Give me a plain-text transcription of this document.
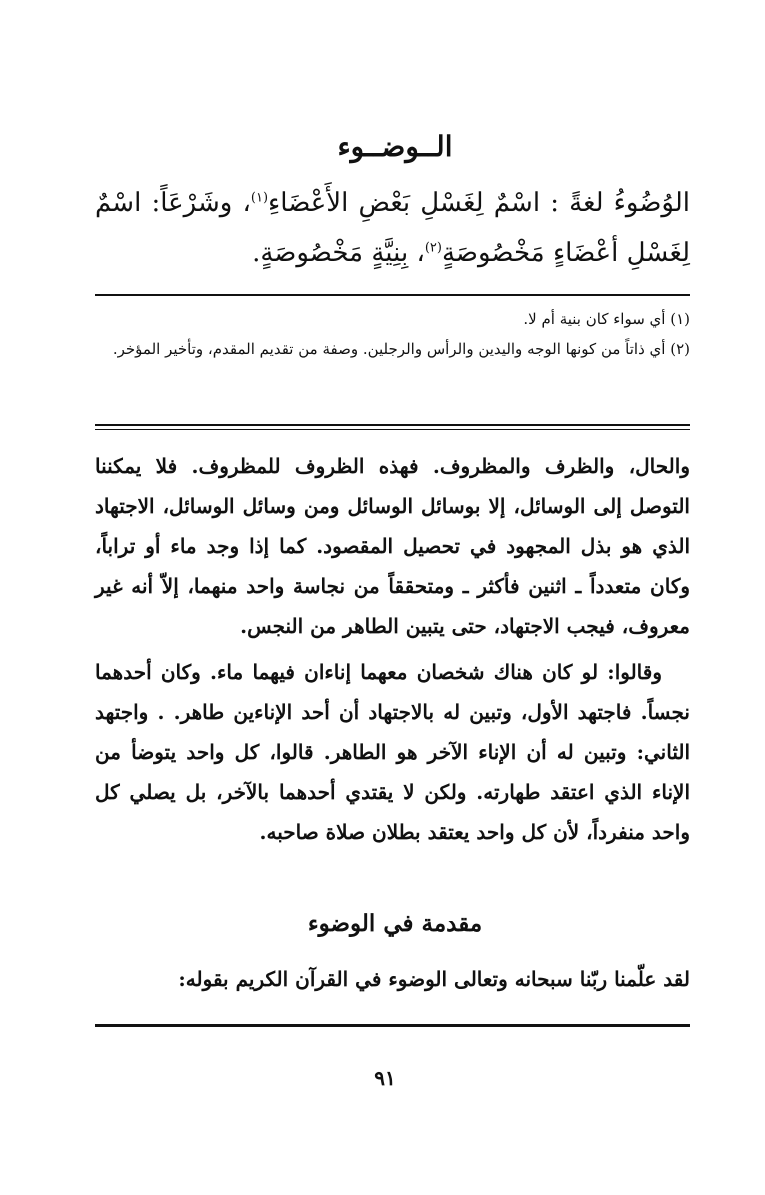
الــوضــوء

الوُضُوءُ لغةً : اسْمٌ لِغَسْلِ بَعْضِ الأَعْضَاءِ$^{(١)}$، وشَرْعَاً: اسْمٌ لِغَسْلِ أعْضَاءٍ مَخْصُوصَةٍ$^{(٢)}$، بِنِيَّةٍ مَخْصُوصَةٍ.

(١) أي سواء كان بنية أم لا.

(٢) أي ذاتاً من كونها الوجه واليدين والرأس والرجلين. وصفة من تقديم المقدم، وتأخير المؤخر.

والحال، والظرف والمظروف. فهذه الظروف للمظروف. فلا يمكننا التوصل إلى الوسائل، إلا بوسائل الوسائل ومن وسائل الوسائل، الاجتهاد الذي هو بذل المجهود في تحصيل المقصود. كما إذا وجد ماء أو تراباً، وكان متعدداً ـ اثنين فأكثر ـ ومتحققاً من نجاسة واحد منهما، إلاّ أنه غير معروف، فيجب الاجتهاد، حتى يتبين الطاهر من النجس.

وقالوا: لو كان هناك شخصان معهما إناءان فيهما ماء. وكان أحدهما نجساً. فاجتهد الأول، وتبين له بالاجتهاد أن أحد الإناءين طاهر. . واجتهد الثاني: وتبين له أن الإناء الآخر هو الطاهر. قالوا، كل واحد يتوضأ من الإناء الذي اعتقد طهارته. ولكن لا يقتدي أحدهما بالآخر، بل يصلي كل واحد منفرداً، لأن كل واحد يعتقد بطلان صلاة صاحبه.

مقدمة في الوضوء

لقد علّمنا ربّنا سبحانه وتعالى الوضوء في القرآن الكريم بقوله:

٩١
